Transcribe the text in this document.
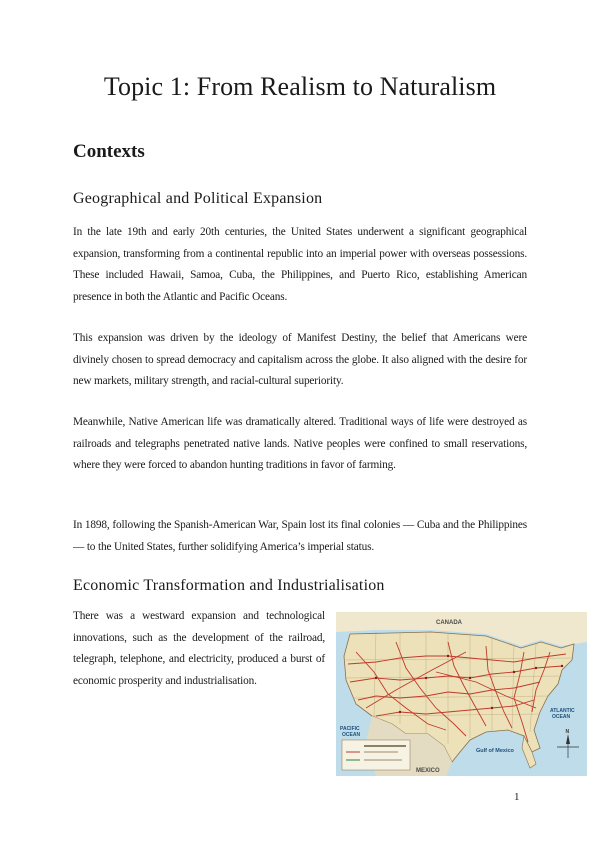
Topic 1: From Realism to Naturalism
Contexts
Geographical and Political Expansion

In the late 19th and early 20th centuries, the United States underwent a significant geographical expansion, transforming from a continental republic into an imperial power with overseas possessions. These included Hawaii, Samoa, Cuba, the Philippines, and Puerto Rico, establishing American presence in both the Atlantic and Pacific Oceans.

This expansion was driven by the ideology of Manifest Destiny, the belief that Americans were divinely chosen to spread democracy and capitalism across the globe. It also aligned with the desire for new markets, military strength, and racial-cultural superiority.

Meanwhile, Native American life was dramatically altered. Traditional ways of life were destroyed as railroads and telegraphs penetrated native lands. Native peoples were confined to small reservations, where they were forced to abandon hunting traditions in favor of farming.

In 1898, following the Spanish-American War, Spain lost its final colonies — Cuba and the Philippines — to the United States, further solidifying America’s imperial status.

Economic Transformation and Industrialisation

There was a westward expansion and technological innovations, such as the development of the railroad, telegraph, telephone, and electricity, produced a burst of economic prosperity and industrialisation.

CANADA
MEXICO
PACIFIC
OCEAN
ATLANTIC
OCEAN
Gulf of Mexico
N
1
